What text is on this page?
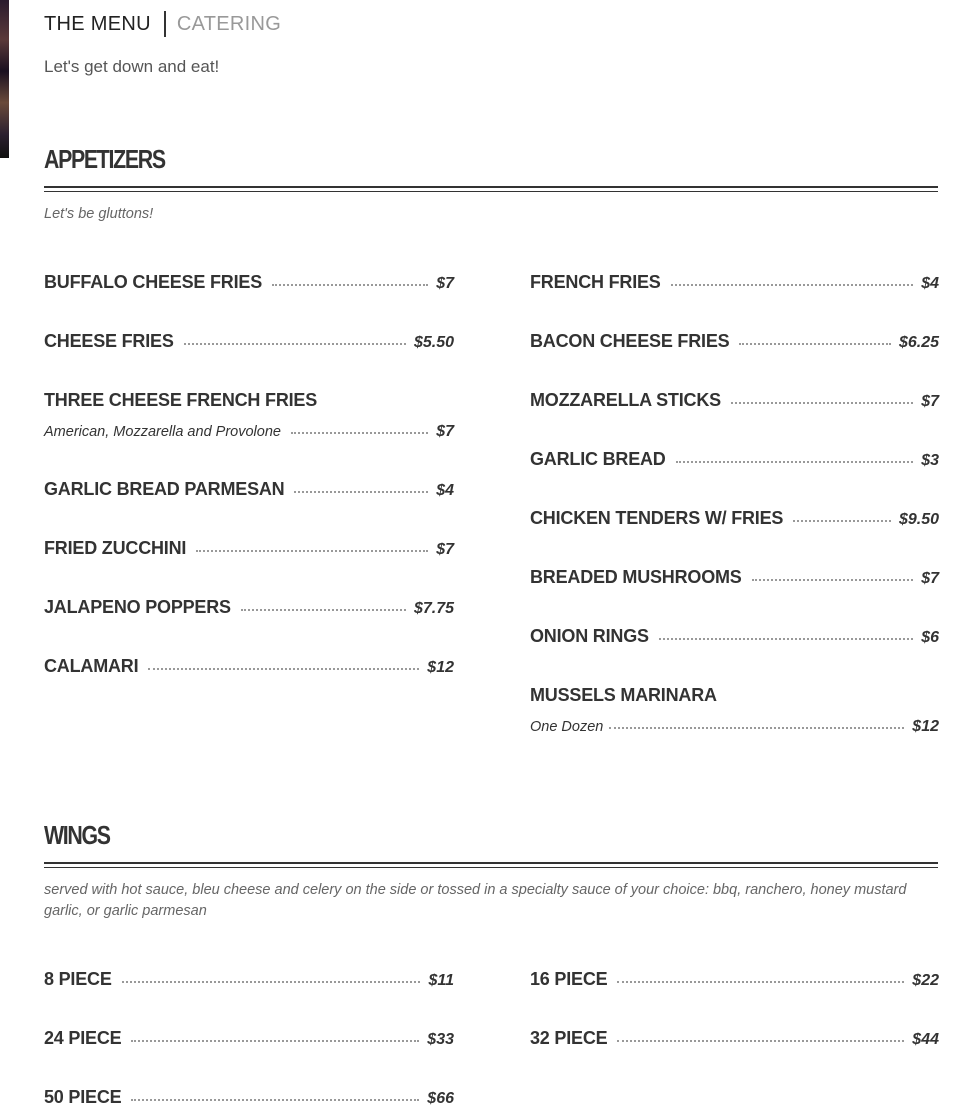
THE MENU CATERING
Let's get down and eat!
APPETIZERS
Let's be gluttons!
BUFFALO CHEESE FRIES	$7
CHEESE FRIES	$5.50
THREE CHEESE FRENCH FRIES
American, Mozzarella and Provolone	$7
GARLIC BREAD PARMESAN	$4
FRIED ZUCCHINI	$7
JALAPENO POPPERS	$7.75
CALAMARI	$12
FRENCH FRIES	$4
BACON CHEESE FRIES	$6.25
MOZZARELLA STICKS	$7
GARLIC BREAD	$3
CHICKEN TENDERS W/ FRIES	$9.50
BREADED MUSHROOMS	$7
ONION RINGS	$6
MUSSELS MARINARA
One Dozen	$12
WINGS
served with hot sauce, bleu cheese and celery on the side or tossed in a specialty sauce of your choice: bbq, ranchero, honey mustard garlic, or garlic parmesan
8 PIECE	$11
24 PIECE	$33
50 PIECE	$66
16 PIECE	$22
32 PIECE	$44
